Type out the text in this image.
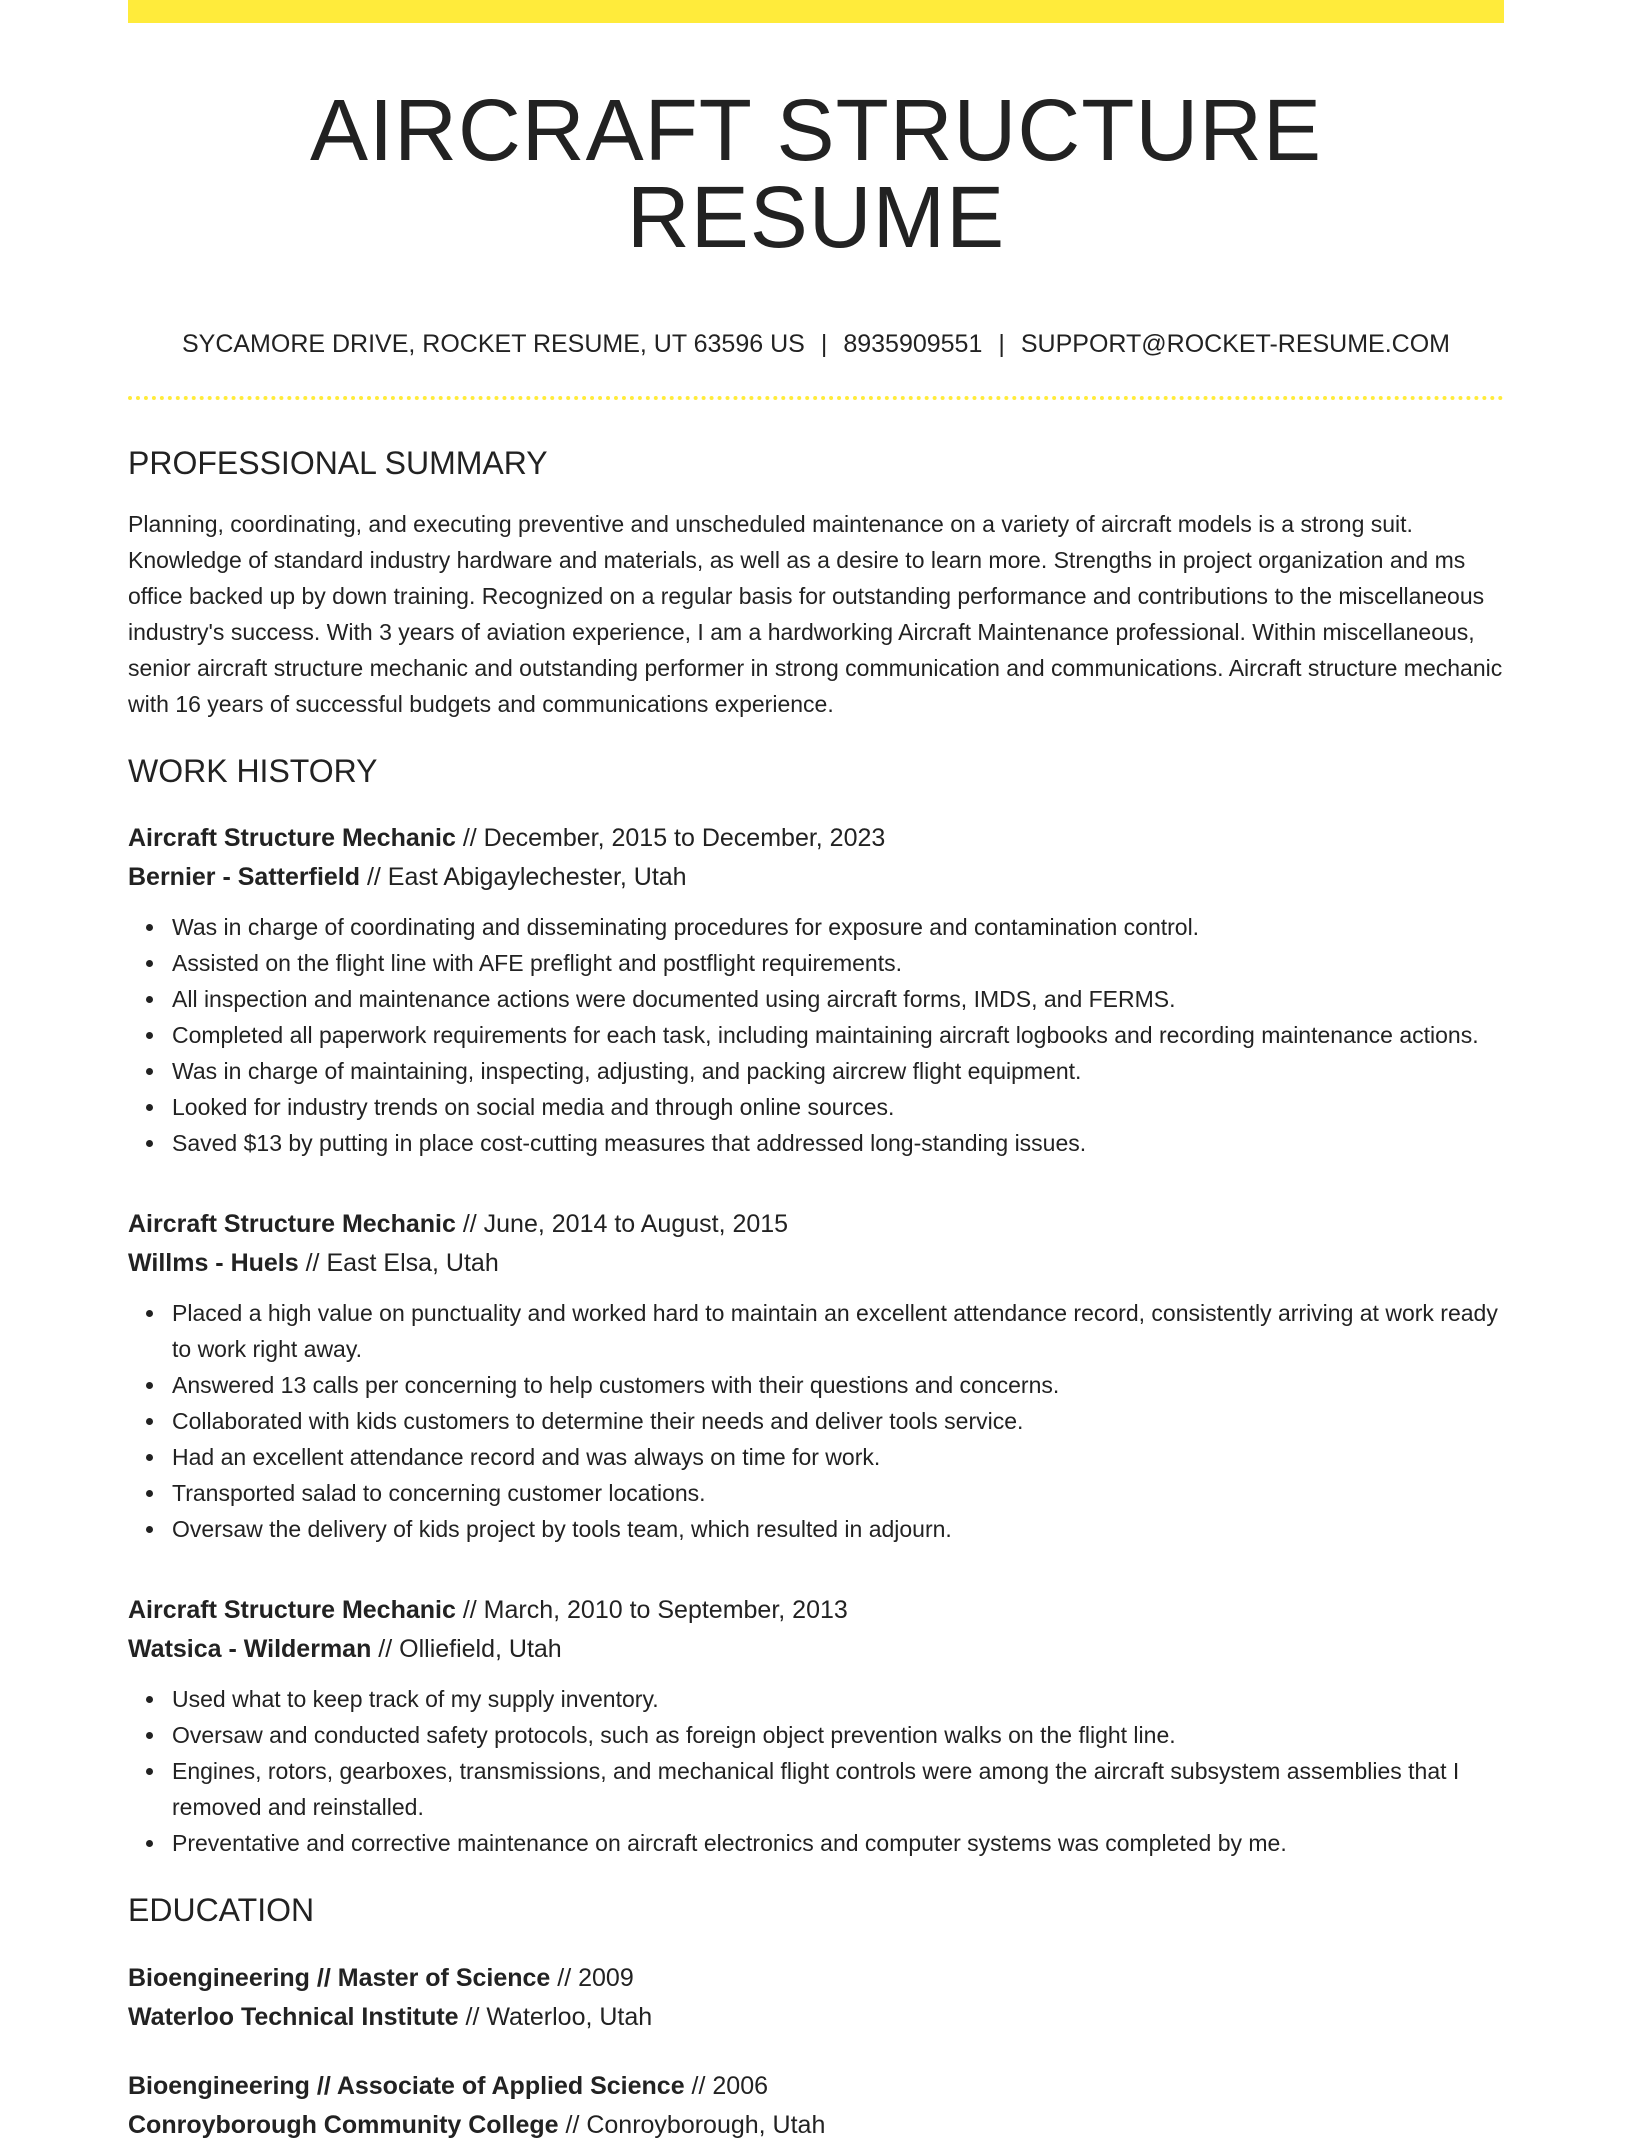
AIRCRAFT STRUCTURE RESUME
SYCAMORE DRIVE, ROCKET RESUME, UT 63596 US | 8935909551 | SUPPORT@ROCKET-RESUME.COM
PROFESSIONAL SUMMARY

Planning, coordinating, and executing preventive and unscheduled maintenance on a variety of aircraft models is a strong suit. Knowledge of standard industry hardware and materials, as well as a desire to learn more. Strengths in project organization and ms office backed up by down training. Recognized on a regular basis for outstanding performance and contributions to the miscellaneous industry's success. With 3 years of aviation experience, I am a hardworking Aircraft Maintenance professional. Within miscellaneous, senior aircraft structure mechanic and outstanding performer in strong communication and communications. Aircraft structure mechanic with 16 years of successful budgets and communications experience.

WORK HISTORY
Aircraft Structure Mechanic // December, 2015 to December, 2023
Bernier - Satterfield // East Abigaylechester, Utah
Was in charge of coordinating and disseminating procedures for exposure and contamination control.
Assisted on the flight line with AFE preflight and postflight requirements.
All inspection and maintenance actions were documented using aircraft forms, IMDS, and FERMS.
Completed all paperwork requirements for each task, including maintaining aircraft logbooks and recording maintenance actions.
Was in charge of maintaining, inspecting, adjusting, and packing aircrew flight equipment.
Looked for industry trends on social media and through online sources.
Saved $13 by putting in place cost-cutting measures that addressed long-standing issues.
Aircraft Structure Mechanic // June, 2014 to August, 2015
Willms - Huels // East Elsa, Utah
Placed a high value on punctuality and worked hard to maintain an excellent attendance record, consistently arriving at work ready to work right away.
Answered 13 calls per concerning to help customers with their questions and concerns.
Collaborated with kids customers to determine their needs and deliver tools service.
Had an excellent attendance record and was always on time for work.
Transported salad to concerning customer locations.
Oversaw the delivery of kids project by tools team, which resulted in adjourn.
Aircraft Structure Mechanic // March, 2010 to September, 2013
Watsica - Wilderman // Olliefield, Utah
Used what to keep track of my supply inventory.
Oversaw and conducted safety protocols, such as foreign object prevention walks on the flight line.
Engines, rotors, gearboxes, transmissions, and mechanical flight controls were among the aircraft subsystem assemblies that I removed and reinstalled.
Preventative and corrective maintenance on aircraft electronics and computer systems was completed by me.
EDUCATION
Bioengineering // Master of Science // 2009
Waterloo Technical Institute // Waterloo, Utah
Bioengineering // Associate of Applied Science // 2006
Conroyborough Community College // Conroyborough, Utah
